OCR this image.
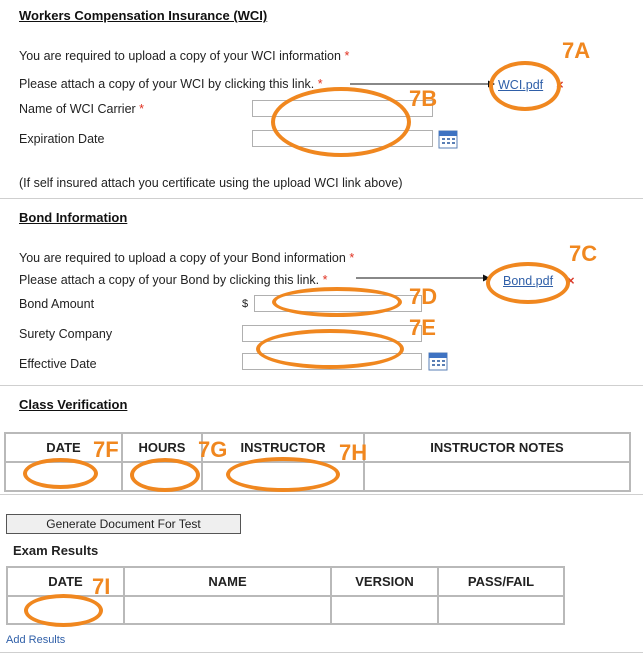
Workers Compensation Insurance (WCI)
You are required to upload a copy of your WCI information *
Please attach a copy of your WCI by clicking this link. *	WCI.pdf ×
Name of WCI Carrier *
Expiration Date
(If self insured attach you certificate using the upload WCI link above)
Bond Information
You are required to upload a copy of your Bond information *
Please attach a copy of your Bond by clicking this link. *	Bond.pdf ×
Bond Amount	$
Surety Company
Effective Date
Class Verification
DATE	HOURS	INSTRUCTOR	INSTRUCTOR NOTES

Generate Document For Test
Exam Results
DATE	NAME	VERSION	PASS/FAIL

Add Results
7A
7B
7C
7D
7E
7F	7G	7H
7I
